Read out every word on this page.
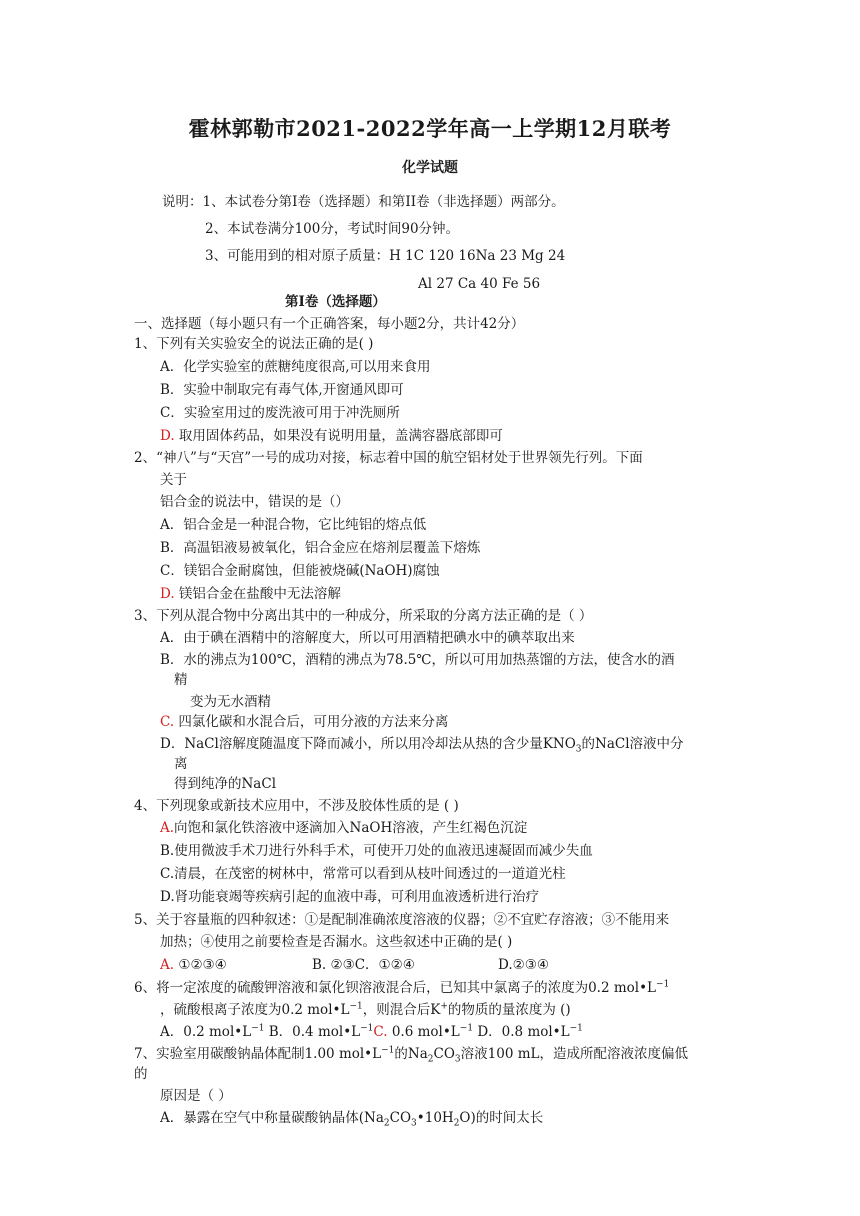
霍林郭勒市2021-2022学年高一上学期12月联考
化学试题
说明：1、本试卷分第I卷（选择题）和第II卷（非选择题）两部分。
2、本试卷满分100分，考试时间90分钟。
3、可能用到的相对原子质量：H 1C 120 16Na 23 Mg 24
Al 27 Ca 40 Fe 56
第Ⅰ卷（选择题）
一、选择题（每小题只有一个正确答案，每小题2分，共计42分）
1、下列有关实验安全的说法正确的是( )
A．化学实验室的蔗糖纯度很高,可以用来食用
B．实验中制取完有毒气体,开窗通风即可
C．实验室用过的废洗液可用于冲洗厕所
D. 取用固体药品，如果没有说明用量，盖满容器底部即可
2、“神八”与“天宫”一号的成功对接，标志着中国的航空铝材处于世界领先行列。下面
关于
铝合金的说法中，错误的是（）
A．铝合金是一种混合物，它比纯铝的熔点低
B．高温铝液易被氧化，铝合金应在熔剂层覆盖下熔炼
C．镁铝合金耐腐蚀，但能被烧碱(NaOH)腐蚀
D. 镁铝合金在盐酸中无法溶解
3、下列从混合物中分离出其中的一种成分，所采取的分离方法正确的是（ ）
A．由于碘在酒精中的溶解度大，所以可用酒精把碘水中的碘萃取出来
B．水的沸点为100℃，酒精的沸点为78.5℃，所以可用加热蒸馏的方法，使含水的酒
精
变为无水酒精
C. 四氯化碳和水混合后，可用分液的方法来分离
D．NaCl溶解度随温度下降而减小，所以用冷却法从热的含少量$KNO_3$的NaCl溶液中分
离
得到纯净的NaCl
4、下列现象或新技术应用中，不涉及胶体性质的是 ( )
A.向饱和氯化铁溶液中逐滴加入NaOH溶液，产生红褐色沉淀
B.使用微波手术刀进行外科手术，可使开刀处的血液迅速凝固而减少失血
C.清晨，在茂密的树林中，常常可以看到从枝叶间透过的一道道光柱
D.肾功能衰竭等疾病引起的血液中毒，可利用血液透析进行治疗
5、关于容量瓶的四种叙述：①是配制准确浓度溶液的仪器；②不宜贮存溶液；③不能用来
加热；④使用之前要检查是否漏水。这些叙述中正确的是( )
A. ①②③④	B. ②③C．①②④	D.②③④
6、将一定浓度的硫酸钾溶液和氯化钡溶液混合后，已知其中氯离子的浓度为0.2 $mol•L^{-1}$
，硫酸根离子浓度为0.2 $mol•L^{-1}$，则混合后K+的物质的量浓度为 ()
A．0.2 $mol•L^{-1}$ B．0.4 $mol•L^{-1}C$. 0.6 $mol•L^{-1}$ D．0.8 $mol•L^{-1}$
7、实验室用碳酸钠晶体配制1.00 $mol•L^{-1}$的$Na_2CO_3$溶液100 mL，造成所配溶液浓度偏低
的
原因是（ ）
A．暴露在空气中称量碳酸钠晶体$(Na_2CO_3•10H_2O)$的时间太长
